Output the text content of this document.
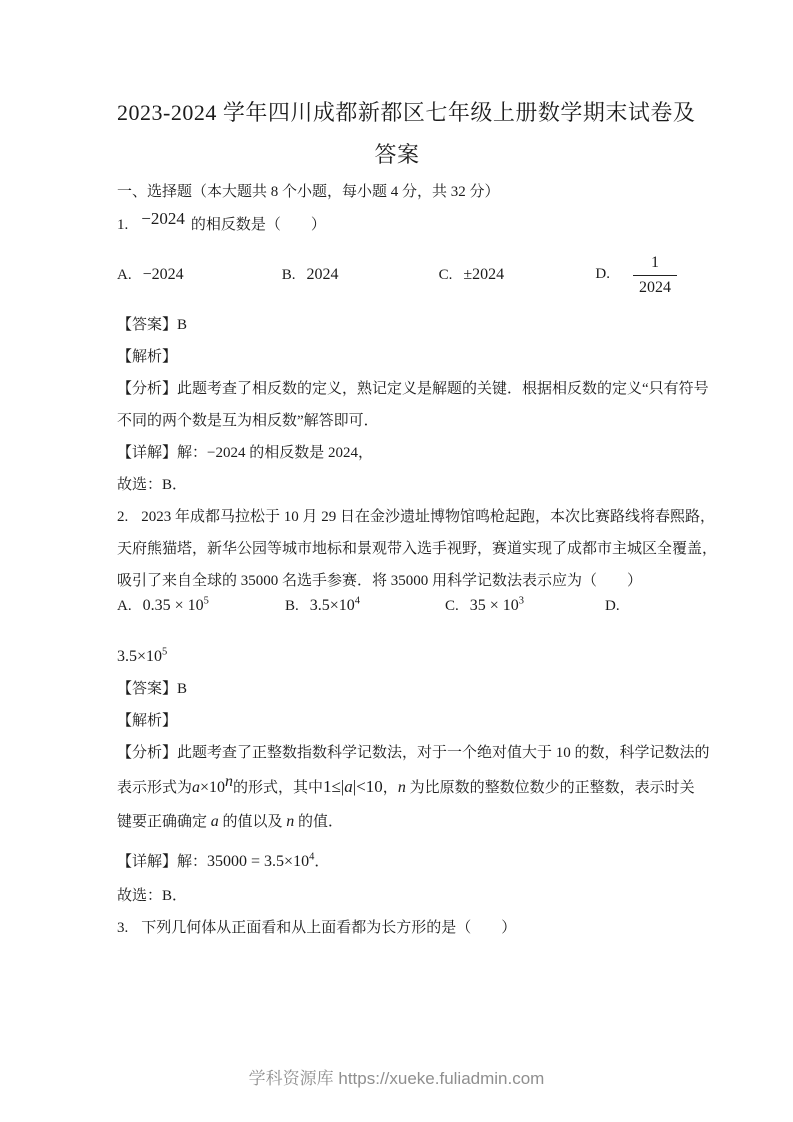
2023-2024 学年四川成都新都区七年级上册数学期末试卷及
答案
一、选择题（本大题共 8 个小题，每小题 4 分，共 32 分）
1. −2024 的相反数是（　　）
A. −2024	B. 2024	C. ±2024	D. $\frac{1}{2024}$
【答案】B
【解析】
【分析】此题考查了相反数的定义，熟记定义是解题的关键．根据相反数的定义“只有符号
不同的两个数是互为相反数”解答即可．
【详解】解：−2024 的相反数是 2024，
故选：B．
2. 2023 年成都马拉松于 10 月 29 日在金沙遗址博物馆鸣枪起跑，本次比赛路线将春熙路，
天府熊猫塔，新华公园等城市地标和景观带入选手视野，赛道实现了成都市主城区全覆盖，
吸引了来自全球的 35000 名选手参赛．将 35000 用科学记数法表示应为（　　）
A. $0.35 \times 10^5$	B. $3.5\times 10^4$	C. $35 \times 10^3$	D.
$3.5\times 10^5$
【答案】B
【解析】
【分析】此题考查了正整数指数科学记数法，对于一个绝对值大于 10 的数，科学记数法的
表示形式为$a\times 10^n$的形式，其中1≤|a|<10，n 为比原数的整数位数少的正整数，表示时关
键要正确确定 a 的值以及 n 的值．
【详解】解：$35000 = 3.5\times 10^4$．
故选：B．
3. 下列几何体从正面看和从上面看都为长方形的是（　　）
学科资源库 https://xueke.fuliadmin.com
